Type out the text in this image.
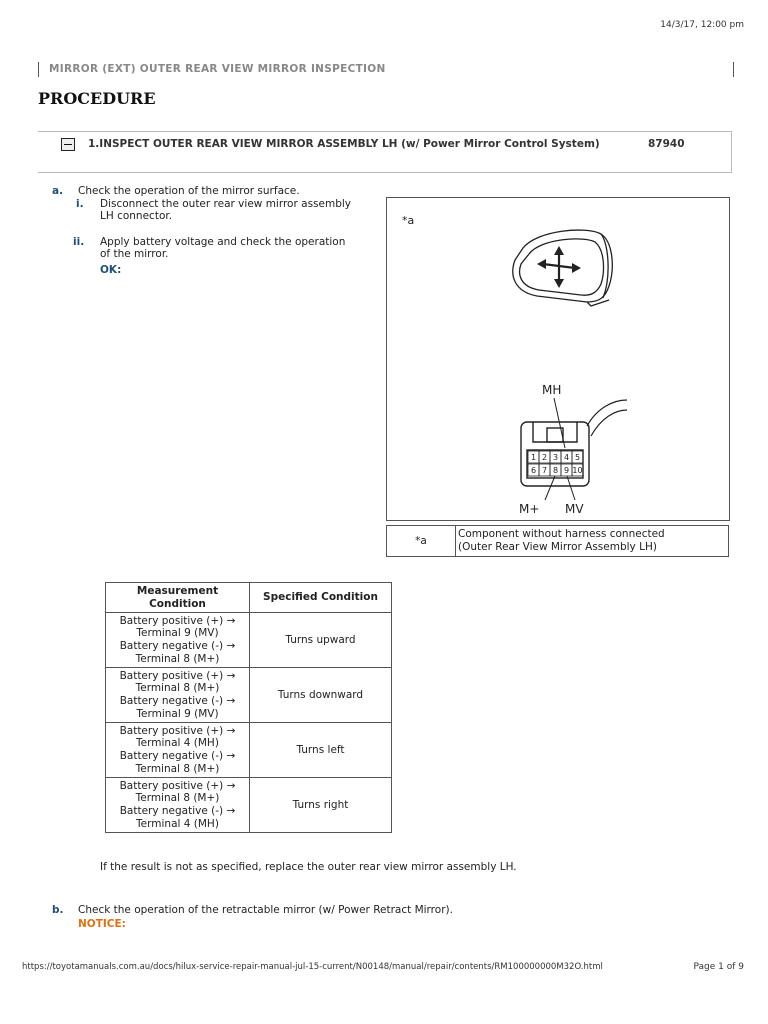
14/3/17, 12:00 pm
MIRROR (EXT) OUTER REAR VIEW MIRROR INSPECTION
PROCEDURE
1.INSPECT OUTER REAR VIEW MIRROR ASSEMBLY LH (w/ Power Mirror Control System)	87940
a. Check the operation of the mirror surface.
i. Disconnect the outer rear view mirror assembly
LH connector.
ii. Apply battery voltage and check the operation
of the mirror.
OK:
*a
MH
1 2 3 4 5
6 7 8 9 10
M+ MV
*a
Component without harness connected
(Outer Rear View Mirror Assembly LH)
Measurement
Condition	Specified Condition

Battery positive (+) →
Terminal 9 (MV)
Battery negative (-) →
Terminal 8 (M+)	Turns upward

Battery positive (+) →
Terminal 8 (M+)
Battery negative (-) →
Terminal 9 (MV)	Turns downward

Battery positive (+) →
Terminal 4 (MH)
Battery negative (-) →
Terminal 8 (M+)	Turns left

Battery positive (+) →
Terminal 8 (M+)
Battery negative (-) →
Terminal 4 (MH)	Turns right
If the result is not as specified, replace the outer rear view mirror assembly LH.
b. Check the operation of the retractable mirror (w/ Power Retract Mirror).
NOTICE:
https://toyotamanuals.com.au/docs/hilux-service-repair-manual-jul-15-current/N00148/manual/repair/contents/RM100000000M32O.html	Page 1 of 9
